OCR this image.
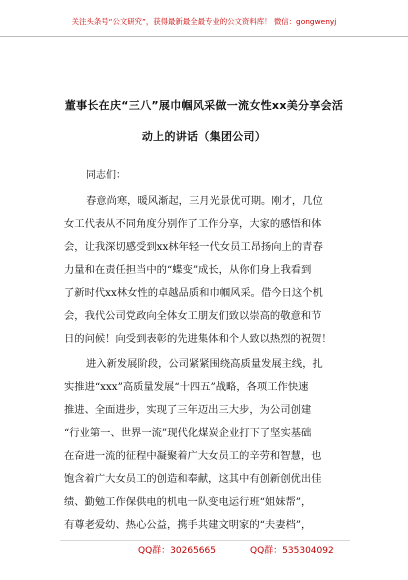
关注头条号“公文研究”，获得最新最全最专业的公文资料库！ 微信：gongwenyj
董事长在庆“三八”展巾帼风采做一流女性xx美分享会活
动上的讲话（集团公司）
同志们：
春意尚寒，暖风渐起，三月光景优可期。刚才，几位
女工代表从不同角度分别作了工作分享，大家的感悟和体
会，让我深切感受到xx林年轻一代女员工昂扬向上的青春
力量和在责任担当中的“蝶变”成长，从你们身上我看到
了新时代xx林女性的卓越品质和巾帼风采。借今日这个机
会，我代公司党政向全体女工朋友们致以崇高的敬意和节
日的问候！向受到表彰的先进集体和个人致以热烈的祝贺！
进入新发展阶段，公司紧紧围绕高质量发展主线，扎
实推进“xxx”高质量发展“十四五”战略，各项工作快速
推进、全面进步，实现了三年迈出三大步，为公司创建
“行业第一、世界一流”现代化煤炭企业打下了坚实基础
在奋进一流的征程中凝聚着广大女员工的辛劳和智慧，也
饱含着广大女员工的创造和奉献，这其中有创新创优出佳
绩、勤勉工作保供电的机电一队变电运行班“姐妹帮”，
有尊老爱幼、热心公益，携手共建文明家的“夫妻档”，
QQ群：30265665	QQ群：535304092
